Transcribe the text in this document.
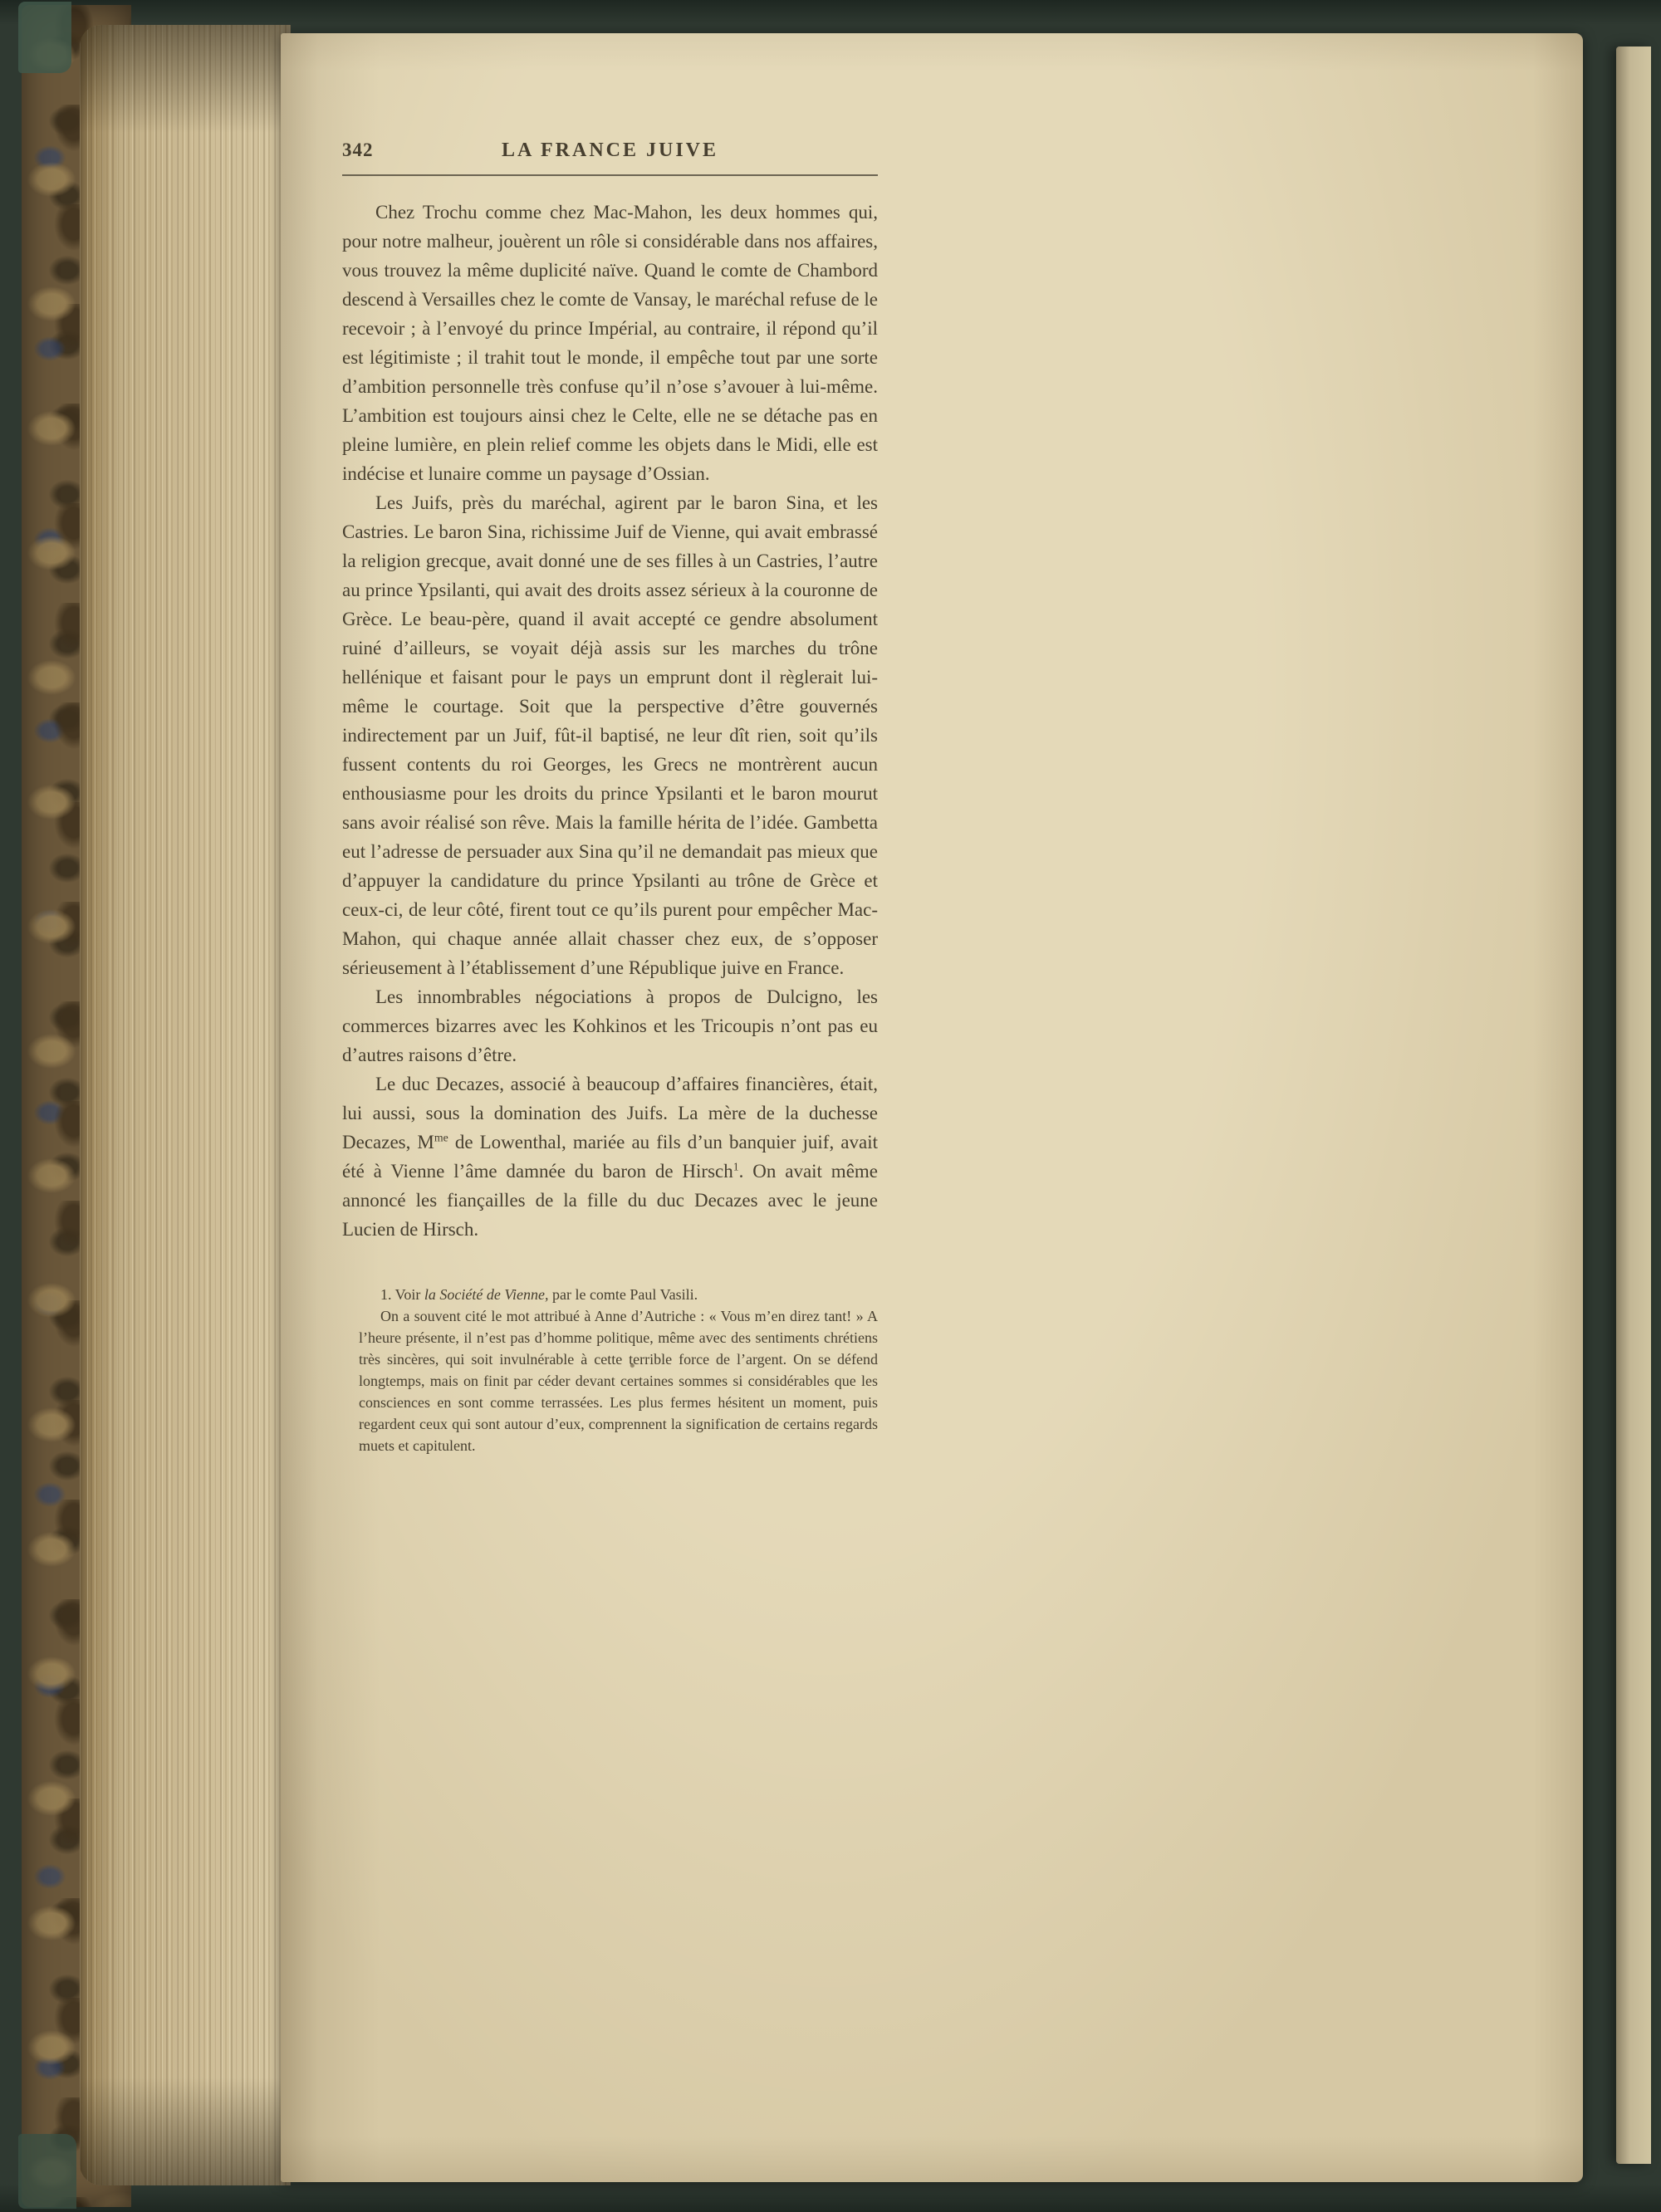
342	LA FRANCE JUIVE

Chez Trochu comme chez Mac-Mahon, les deux hommes qui, pour notre malheur, jouèrent un rôle si considérable dans nos affaires, vous trouvez la même duplicité naïve. Quand le comte de Chambord descend à Versailles chez le comte de Vansay, le maréchal refuse de le recevoir ; à l’envoyé du prince Impérial, au contraire, il répond qu’il est légitimiste ; il trahit tout le monde, il empêche tout par une sorte d’ambition personnelle très confuse qu’il n’ose s’avouer à lui-même. L’ambition est toujours ainsi chez le Celte, elle ne se détache pas en pleine lumière, en plein relief comme les objets dans le Midi, elle est indécise et lunaire comme un paysage d’Ossian.

Les Juifs, près du maréchal, agirent par le baron Sina, et les Castries. Le baron Sina, richissime Juif de Vienne, qui avait embrassé la religion grecque, avait donné une de ses filles à un Castries, l’autre au prince Ypsilanti, qui avait des droits assez sérieux à la couronne de Grèce. Le beau-père, quand il avait accepté ce gendre absolument ruiné d’ailleurs, se voyait déjà assis sur les marches du trône hellénique et faisant pour le pays un emprunt dont il règlerait lui-même le courtage. Soit que la perspective d’être gouvernés indirectement par un Juif, fût-il baptisé, ne leur dît rien, soit qu’ils fussent contents du roi Georges, les Grecs ne montrèrent aucun enthousiasme pour les droits du prince Ypsilanti et le baron mourut sans avoir réalisé son rêve. Mais la famille hérita de l’idée. Gambetta eut l’adresse de persuader aux Sina qu’il ne demandait pas mieux que d’appuyer la candidature du prince Ypsilanti au trône de Grèce et ceux-ci, de leur côté, firent tout ce qu’ils purent pour empêcher Mac-Mahon, qui chaque année allait chasser chez eux, de s’opposer sérieusement à l’établissement d’une République juive en France.

Les innombrables négociations à propos de Dulcigno, les commerces bizarres avec les Kohkinos et les Tricoupis n’ont pas eu d’autres raisons d’être.

Le duc Decazes, associé à beaucoup d’affaires financières, était, lui aussi, sous la domination des Juifs. La mère de la duchesse Decazes, $M^{me}$ de Lowenthal, mariée au fils d’un banquier juif, avait été à Vienne l’âme damnée du baron de Hirsch$^1$. On avait même annoncé les fiançailles de la fille du duc Decazes avec le jeune Lucien de Hirsch.

1. Voir la Société de Vienne, par le comte Paul Vasili.

On a souvent cité le mot attribué à Anne d’Autriche : « Vous m’en direz tant! » A l’heure présente, il n’est pas d’homme politique, même avec des sentiments chrétiens très sincères, qui soit invulnérable à cette terrible force de l’argent. On se défend longtemps, mais on finit par céder devant certaines sommes si considérables que les consciences en sont comme terrassées. Les plus fermes hésitent un moment, puis regardent ceux qui sont autour d’eux, comprennent la signification de certains regards muets et capitulent.
